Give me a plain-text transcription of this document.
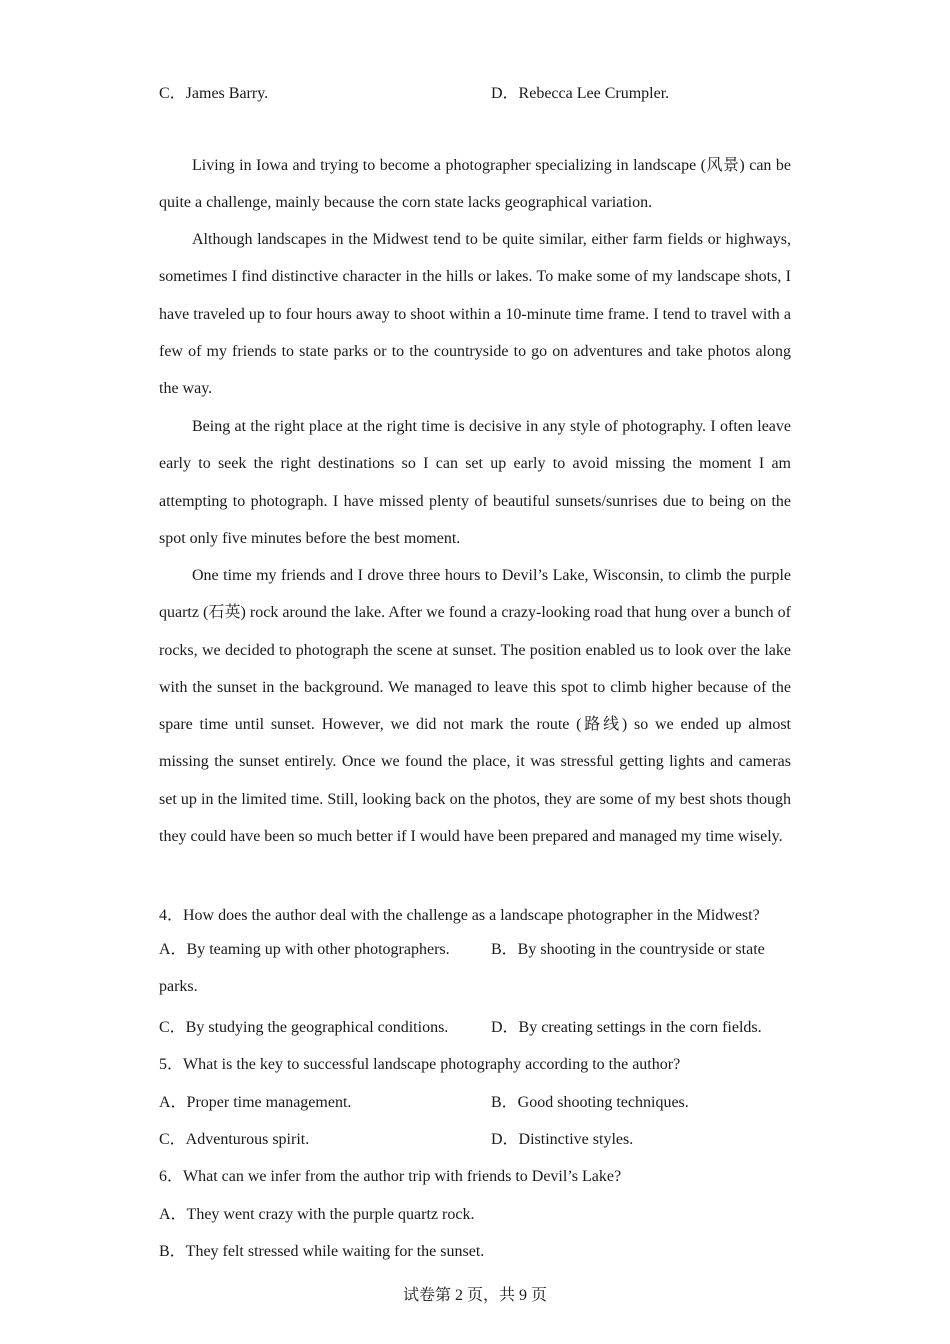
C．James Barry.	D．Rebecca Lee Crumpler.
Living in Iowa and trying to become a photographer specializing in landscape (风景) can be quite a challenge, mainly because the corn state lacks geographical variation.
Although landscapes in the Midwest tend to be quite similar, either farm fields or highways, sometimes I find distinctive character in the hills or lakes. To make some of my landscape shots, I have traveled up to four hours away to shoot within a 10-minute time frame. I tend to travel with a few of my friends to state parks or to the countryside to go on adventures and take photos along the way.
Being at the right place at the right time is decisive in any style of photography. I often leave early to seek the right destinations so I can set up early to avoid missing the moment I am attempting to photograph. I have missed plenty of beautiful sunsets/sunrises due to being on the spot only five minutes before the best moment.
One time my friends and I drove three hours to Devil’s Lake, Wisconsin, to climb the purple quartz (石英) rock around the lake. After we found a crazy-looking road that hung over a bunch of rocks, we decided to photograph the scene at sunset. The position enabled us to look over the lake with the sunset in the background. We managed to leave this spot to climb higher because of the spare time until sunset. However, we did not mark the route (路线) so we ended up almost missing the sunset entirely. Once we found the place, it was stressful getting lights and cameras set up in the limited time. Still, looking back on the photos, they are some of my best shots though they could have been so much better if I would have been prepared and managed my time wisely.
4．How does the author deal with the challenge as a landscape photographer in the Midwest?
A．By teaming up with other photographers.	B．By shooting in the countryside or state parks.
C．By studying the geographical conditions.	D．By creating settings in the corn fields.
5．What is the key to successful landscape photography according to the author?
A．Proper time management.	B．Good shooting techniques.
C．Adventurous spirit.	D．Distinctive styles.
6．What can we infer from the author trip with friends to Devil’s Lake?
A．They went crazy with the purple quartz rock.
B．They felt stressed while waiting for the sunset.
试卷第 2 页，共 9 页
